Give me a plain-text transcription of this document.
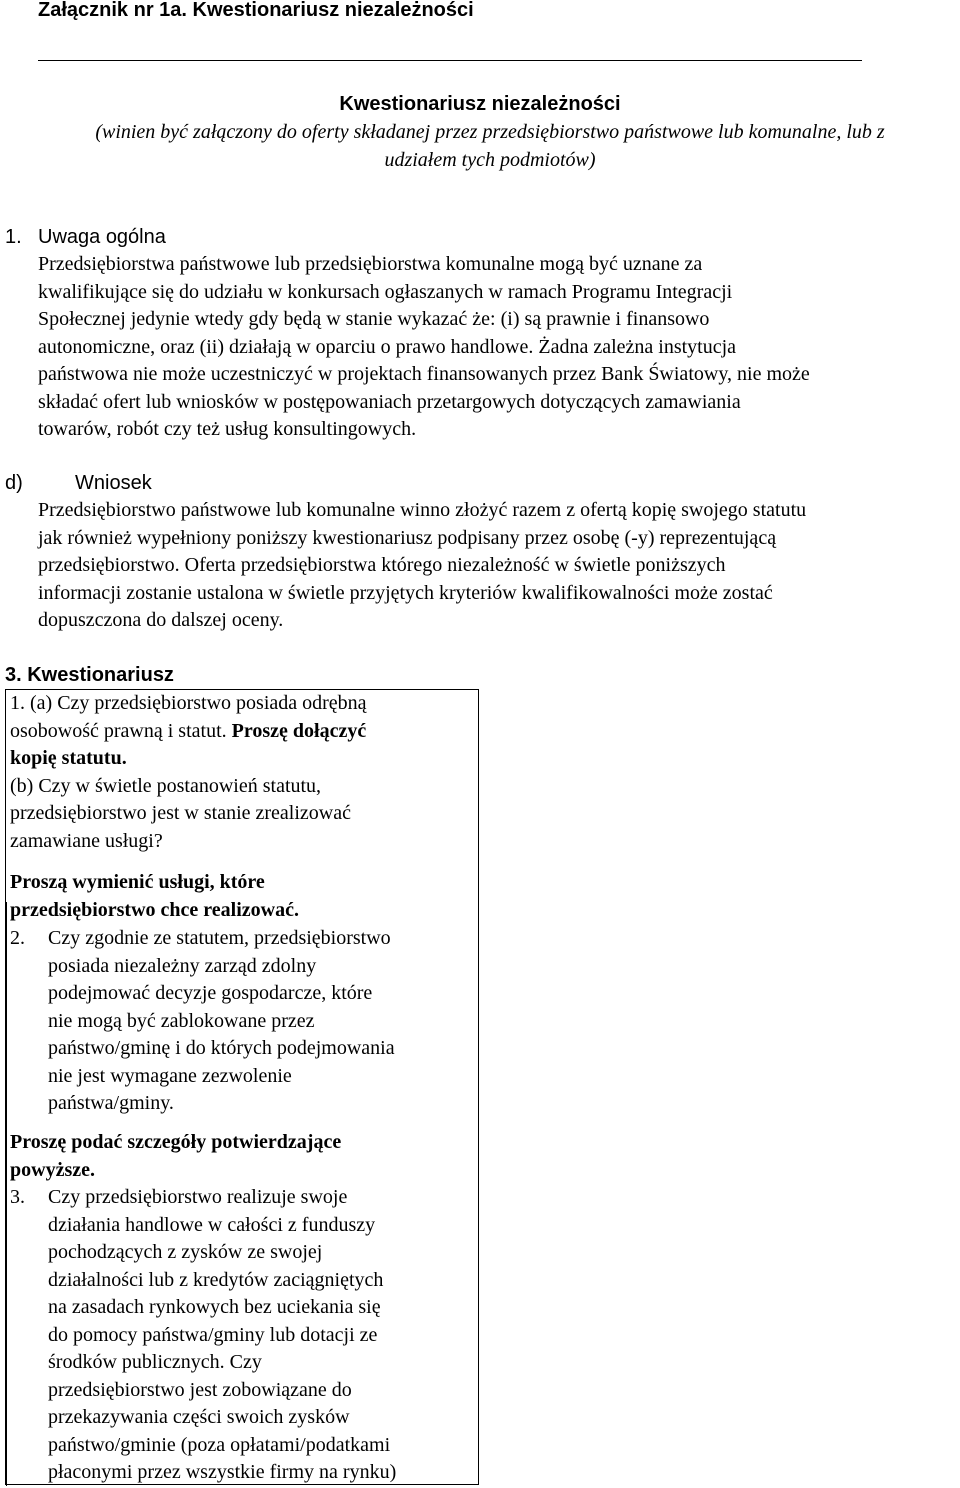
Załącznik nr 1a. Kwestionariusz niezależności
Kwestionariusz niezależności
(winien być załączony do oferty składanej przez przedsiębiorstwo państwowe lub komunalne, lub z
udziałem tych podmiotów)
1. Uwaga ogólna
Przedsiębiorstwa państwowe lub przedsiębiorstwa komunalne mogą być uznane za
kwalifikujące się do udziału w konkursach ogłaszanych w ramach Programu Integracji
Społecznej jedynie wtedy gdy będą w stanie wykazać że: (i) są prawnie i finansowo
autonomiczne, oraz (ii) działają w oparciu o prawo handlowe. Żadna zależna instytucja
państwowa nie może uczestniczyć w projektach finansowanych przez Bank Światowy, nie może
składać ofert lub wniosków w postępowaniach przetargowych dotyczących zamawiania
towarów, robót czy też usług konsultingowych.
d)	Wniosek
Przedsiębiorstwo państwowe lub komunalne winno złożyć razem z ofertą kopię swojego statutu
jak również wypełniony poniższy kwestionariusz podpisany przez osobę (-y) reprezentującą
przedsiębiorstwo. Oferta przedsiębiorstwa którego niezależność w świetle poniższych
informacji zostanie ustalona w świetle przyjętych kryteriów kwalifikowalności może zostać
dopuszczona do dalszej oceny.
3. Kwestionariusz
1. (a) Czy przedsiębiorstwo posiada odrębną
osobowość prawną i statut. Proszę dołączyć
kopię statutu.
(b) Czy w świetle postanowień statutu,
przedsiębiorstwo jest w stanie zrealizować
zamawiane usługi?
Proszą wymienić usługi, które
przedsiębiorstwo chce realizować.
2. Czy zgodnie ze statutem, przedsiębiorstwo
posiada niezależny zarząd zdolny
podejmować decyzje gospodarcze, które
nie mogą być zablokowane przez
państwo/gminę i do których podejmowania
nie jest wymagane zezwolenie
państwa/gminy.
Proszę podać szczegóły potwierdzające
powyższe.
3. Czy przedsiębiorstwo realizuje swoje
działania handlowe w całości z funduszy
pochodzących z zysków ze swojej
działalności lub z kredytów zaciągniętych
na zasadach rynkowych bez uciekania się
do pomocy państwa/gminy lub dotacji ze
środków publicznych. Czy
przedsiębiorstwo jest zobowiązane do
przekazywania części swoich zysków
państwo/gminie (poza opłatami/podatkami
płaconymi przez wszystkie firmy na rynku)
